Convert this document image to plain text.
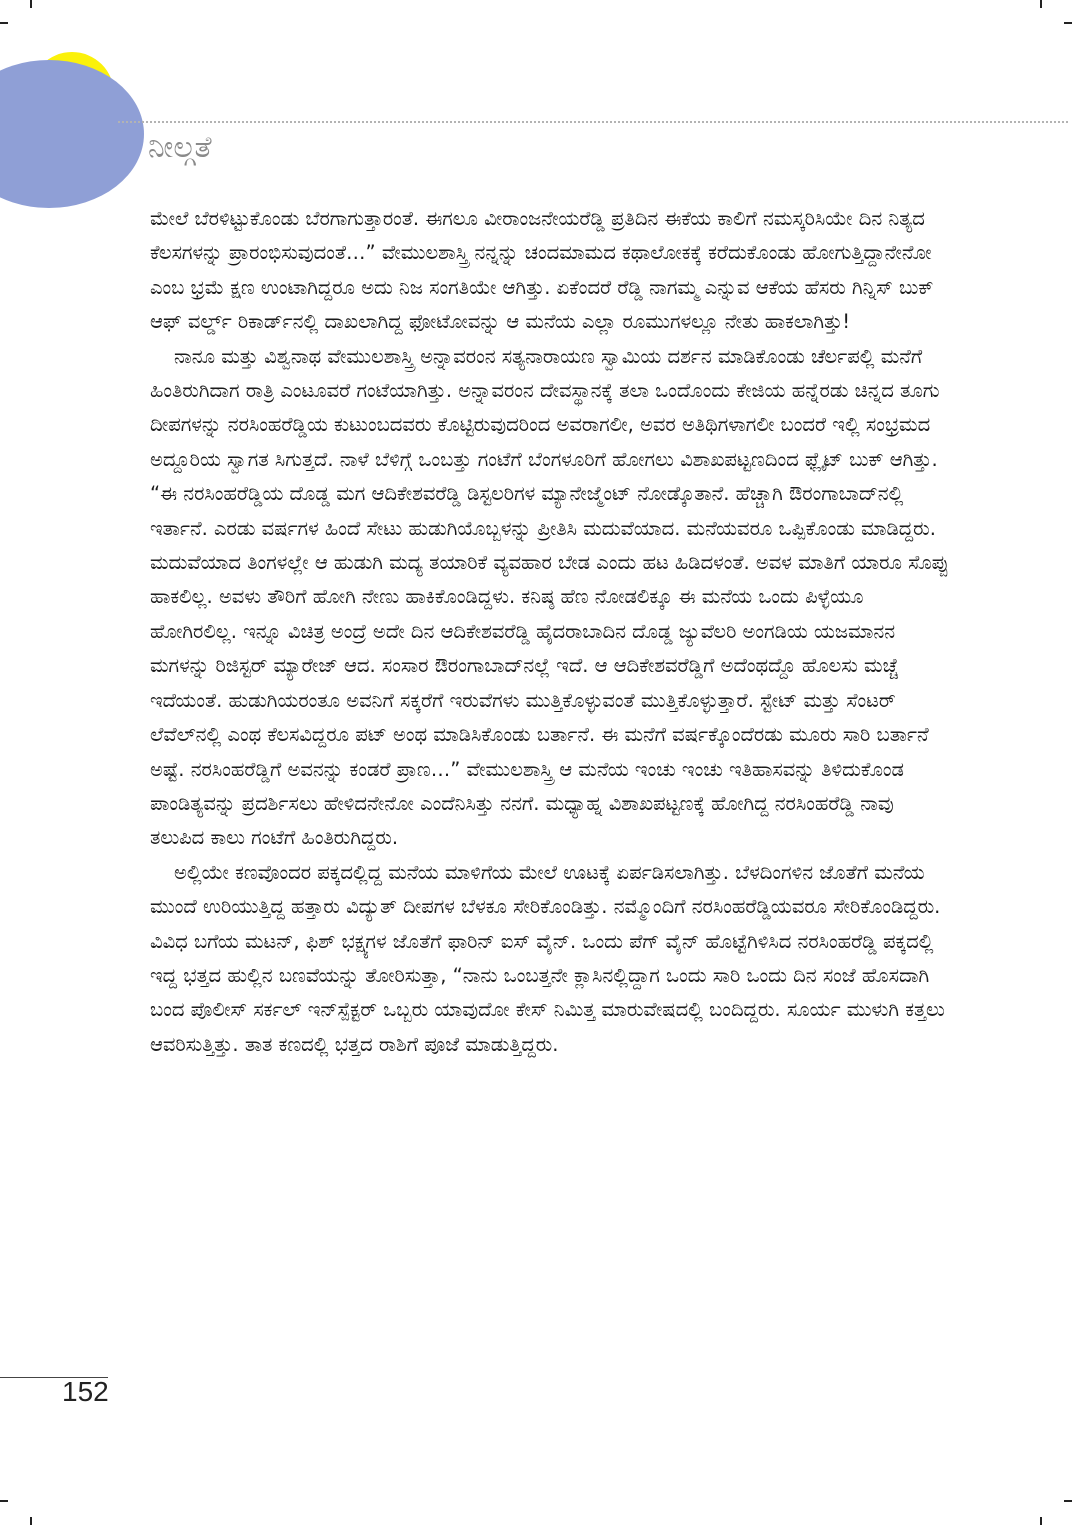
ನೀಲ್ಗತೆ

ಮೇಲೆ ಬೆರಳಿಟ್ಟುಕೊಂಡು ಬೆರಗಾಗುತ್ತಾರಂತೆ. ಈಗಲೂ ವೀರಾಂಜನೇಯರೆಡ್ಡಿ ಪ್ರತಿದಿನ ಈಕೆಯ ಕಾಲಿಗೆ ನಮಸ್ಕರಿಸಿಯೇ ದಿನ ನಿತ್ಯದ ಕೆಲಸಗಳನ್ನು ಪ್ರಾರಂಭಿಸುವುದಂತೆ…” ವೇಮುಲಶಾಸ್ತ್ರಿ ನನ್ನನ್ನು ಚಂದಮಾಮದ ಕಥಾಲೋಕಕ್ಕೆ ಕರೆದುಕೊಂಡು ಹೋಗುತ್ತಿದ್ದಾನೇನೋ ಎಂಬ ಭ್ರಮೆ ಕ್ಷಣ ಉಂಟಾಗಿದ್ದರೂ ಅದು ನಿಜ ಸಂಗತಿಯೇ ಆಗಿತ್ತು. ಏಕೆಂದರೆ ರೆಡ್ಡಿ ನಾಗಮ್ಮ ಎನ್ನುವ ಆಕೆಯ ಹೆಸರು ಗಿನ್ನಿಸ್ ಬುಕ್ ಆಫ್ ವರ್ಲ್ಡ್ ರಿಕಾರ್ಡ್‌ನಲ್ಲಿ ದಾಖಲಾಗಿದ್ದ ಫೋಟೋವನ್ನು ಆ ಮನೆಯ ಎಲ್ಲಾ ರೂಮುಗಳಲ್ಲೂ ನೇತು ಹಾಕಲಾಗಿತ್ತು!

ನಾನೂ ಮತ್ತು ವಿಶ್ವನಾಥ ವೇಮುಲಶಾಸ್ತ್ರಿ ಅನ್ನಾವರಂನ ಸತ್ಯನಾರಾಯಣ ಸ್ವಾಮಿಯ ದರ್ಶನ ಮಾಡಿಕೊಂಡು ಚೆರ್ಲಪಲ್ಲಿ ಮನೆಗೆ ಹಿಂತಿರುಗಿದಾಗ ರಾತ್ರಿ ಎಂಟೂವರೆ ಗಂಟೆಯಾಗಿತ್ತು. ಅನ್ನಾವರಂನ ದೇವಸ್ಥಾನಕ್ಕೆ ತಲಾ ಒಂದೊಂದು ಕೇಜಿಯ ಹನ್ನೆರಡು ಚಿನ್ನದ ತೂಗು ದೀಪಗಳನ್ನು ನರಸಿಂಹರೆಡ್ಡಿಯ ಕುಟುಂಬದವರು ಕೊಟ್ಟಿರುವುದರಿಂದ ಅವರಾಗಲೀ, ಅವರ ಅತಿಥಿಗಳಾಗಲೀ ಬಂದರೆ ಇಲ್ಲಿ ಸಂಭ್ರಮದ ಅದ್ದೂರಿಯ ಸ್ವಾಗತ ಸಿಗುತ್ತದೆ. ನಾಳೆ ಬೆಳಿಗ್ಗೆ ಒಂಬತ್ತು ಗಂಟೆಗೆ ಬೆಂಗಳೂರಿಗೆ ಹೋಗಲು ವಿಶಾಖಪಟ್ಟಣದಿಂದ ಫ್ಲೈಟ್ ಬುಕ್ ಆಗಿತ್ತು. “ಈ ನರಸಿಂಹರೆಡ್ಡಿಯ ದೊಡ್ಡ ಮಗ ಆದಿಕೇಶವರೆಡ್ಡಿ ಡಿಸ್ಟಲರಿಗಳ ಮ್ಯಾನೇಜ್ಮೆಂಟ್ ನೋಡ್ಕೊತಾನೆ. ಹೆಚ್ಚಾಗಿ ಔರಂಗಾಬಾದ್‌ನಲ್ಲಿ ಇರ್ತಾನೆ. ಎರಡು ವರ್ಷಗಳ ಹಿಂದೆ ಸೇಟು ಹುಡುಗಿಯೊಬ್ಬಳನ್ನು ಪ್ರೀತಿಸಿ ಮದುವೆಯಾದ. ಮನೆಯವರೂ ಒಪ್ಪಿಕೊಂಡು ಮಾಡಿದ್ದರು. ಮದುವೆಯಾದ ತಿಂಗಳಲ್ಲೇ ಆ ಹುಡುಗಿ ಮದ್ಯ ತಯಾರಿಕೆ ವ್ಯವಹಾರ ಬೇಡ ಎಂದು ಹಟ ಹಿಡಿದಳಂತೆ. ಅವಳ ಮಾತಿಗೆ ಯಾರೂ ಸೊಪ್ಪು ಹಾಕಲಿಲ್ಲ. ಅವಳು ತೌರಿಗೆ ಹೋಗಿ ನೇಣು ಹಾಕಿಕೊಂಡಿದ್ದಳು. ಕನಿಷ್ಠ ಹೆಣ ನೋಡಲಿಕ್ಕೂ ಈ ಮನೆಯ ಒಂದು ಪಿಳ್ಳೆಯೂ ಹೋಗಿರಲಿಲ್ಲ. ಇನ್ನೂ ವಿಚಿತ್ರ ಅಂದ್ರೆ ಅದೇ ದಿನ ಆದಿಕೇಶವರೆಡ್ಡಿ ಹೈದರಾಬಾದಿನ ದೊಡ್ಡ ಜ್ಯುವೆಲರಿ ಅಂಗಡಿಯ ಯಜಮಾನನ ಮಗಳನ್ನು ರಿಜಿಸ್ಟರ್ ಮ್ಯಾರೇಜ್ ಆದ. ಸಂಸಾರ ಔರಂಗಾಬಾದ್‌ನಲ್ಲೆ ಇದೆ. ಆ ಆದಿಕೇಶವರೆಡ್ಡಿಗೆ ಅದೆಂಥದ್ದೊ ಹೊಲಸು ಮಚ್ಚೆ ಇದೆಯಂತೆ. ಹುಡುಗಿಯರಂತೂ ಅವನಿಗೆ ಸಕ್ಕರೆಗೆ ಇರುವೆಗಳು ಮುತ್ತಿಕೊಳ್ಳುವಂತೆ ಮುತ್ತಿಕೊಳ್ಳುತ್ತಾರೆ. ಸ್ಟೇಟ್ ಮತ್ತು ಸೆಂಟರ್ ಲೆವೆಲ್‌ನಲ್ಲಿ ಎಂಥ ಕೆಲಸವಿದ್ದರೂ ಪಟ್ ಅಂಥ ಮಾಡಿಸಿಕೊಂಡು ಬರ್ತಾನೆ. ಈ ಮನೆಗೆ ವರ್ಷಕ್ಕೊಂದೆರಡು ಮೂರು ಸಾರಿ ಬರ್ತಾನೆ ಅಷ್ಟೆ. ನರಸಿಂಹರೆಡ್ಡಿಗೆ ಅವನನ್ನು ಕಂಡರೆ ಪ್ರಾಣ…” ವೇಮುಲಶಾಸ್ತ್ರಿ ಆ ಮನೆಯ ಇಂಚು ಇಂಚು ಇತಿಹಾಸವನ್ನು ತಿಳಿದುಕೊಂಡ ಪಾಂಡಿತ್ಯವನ್ನು ಪ್ರದರ್ಶಿಸಲು ಹೇಳಿದನೇನೋ ಎಂದೆನಿಸಿತ್ತು ನನಗೆ. ಮಧ್ಯಾಹ್ನ ವಿಶಾಖಪಟ್ಟಣಕ್ಕೆ ಹೋಗಿದ್ದ ನರಸಿಂಹರೆಡ್ಡಿ ನಾವು ತಲುಪಿದ ಕಾಲು ಗಂಟೆಗೆ ಹಿಂತಿರುಗಿದ್ದರು.

ಅಲ್ಲಿಯೇ ಕಣವೊಂದರ ಪಕ್ಕದಲ್ಲಿದ್ದ ಮನೆಯ ಮಾಳಿಗೆಯ ಮೇಲೆ ಊಟಕ್ಕೆ ಏರ್ಪಡಿಸಲಾಗಿತ್ತು. ಬೆಳದಿಂಗಳಿನ ಜೊತೆಗೆ ಮನೆಯ ಮುಂದೆ ಉರಿಯುತ್ತಿದ್ದ ಹತ್ತಾರು ವಿದ್ಯುತ್ ದೀಪಗಳ ಬೆಳಕೂ ಸೇರಿಕೊಂಡಿತ್ತು. ನಮ್ಮೊಂದಿಗೆ ನರಸಿಂಹರೆಡ್ಡಿಯವರೂ ಸೇರಿಕೊಂಡಿದ್ದರು. ವಿವಿಧ ಬಗೆಯ ಮಟನ್, ಫಿಶ್ ಭಕ್ಷ್ಯಗಳ ಜೊತೆಗೆ ಫಾರಿನ್ ಐಸ್ ವೈನ್. ಒಂದು ಪೆಗ್ ವೈನ್ ಹೊಟ್ಟೆಗಿಳಿಸಿದ ನರಸಿಂಹರೆಡ್ಡಿ ಪಕ್ಕದಲ್ಲಿ ಇದ್ದ ಭತ್ತದ ಹುಲ್ಲಿನ ಬಣವೆಯನ್ನು ತೋರಿಸುತ್ತಾ, “ನಾನು ಒಂಬತ್ತನೇ ಕ್ಲಾಸಿನಲ್ಲಿದ್ದಾಗ ಒಂದು ಸಾರಿ ಒಂದು ದಿನ ಸಂಜೆ ಹೊಸದಾಗಿ ಬಂದ ಪೊಲೀಸ್ ಸರ್ಕಲ್ ಇನ್‌ಸ್ಪೆಕ್ಟರ್ ಒಬ್ಬರು ಯಾವುದೋ ಕೇಸ್ ನಿಮಿತ್ತ ಮಾರುವೇಷದಲ್ಲಿ ಬಂದಿದ್ದರು. ಸೂರ್ಯ ಮುಳುಗಿ ಕತ್ತಲು ಆವರಿಸುತ್ತಿತ್ತು. ತಾತ ಕಣದಲ್ಲಿ ಭತ್ತದ ರಾಶಿಗೆ ಪೂಜೆ ಮಾಡುತ್ತಿದ್ದರು.

152
